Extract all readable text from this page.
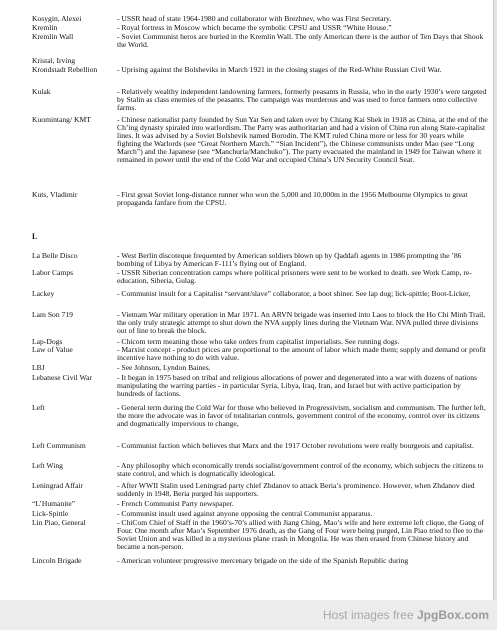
Kosygin, Alexei	- USSR head of state 1964-1980 and collaborator with Brezhnev, who was First Secretary.
Kremlin	- Royal fortress in Moscow which became the symbolic CPSU and USSR “White House.”
Kremlin Wall	- Soviet Communist heros are buried in the Kremlin Wall. The only American there is the author of Ten Days that Shook the World.
Kristal, Irving
Krondstadt Rebellion	- Uprising against the Bolsheviks in March 1921 in the closing stages of the Red-White Russian Civil War.
Kulak	- Relatively wealthy independent landowning farmers, formerly peasants in Russia, who in the early 1930’s were targeted by Stalin as class enemies of the peasants. The campaign was murderous and was used to force farmers onto collective farms.
Kuomintang/ KMT	- Chinese nationalist party founded by Sun Yat Sen and taken over by Chiang Kai Shek in 1918 as China, at the end of the Ch’ing dynasty spiraled into warlordism. The Party was authoritarian and had a vision of China run along State-capitalist lines. It was advised by a Soviet Bolshevik named Borodin. The KMT ruled China more or less for 30 years while fighting the Warlords (see “Great Northern March.” “Sian Incident”), the Chinese communists under Mao (see “Long March”) and the Japanese (see “Manchuria/Manchuko”). The party evacuated the mainland in 1949 for Taiwan where it remained in power until the end of the Cold War and occupied China’s UN Security Council Seat.
Kuts, Vladimir	- First great Soviet long-distance runner who won the 5,000 and 10,000m in the 1956 Melbourne Olympics to great propaganda fanfare from the CPSU.
L
La Belle Disco	- West Berlin discoteque frequented by American soldiers blown up by Qaddafi agents in 1986 prompting the ’86 bombing of Libya by American F-111’s flying out of England.
Labor Camps	- USSR Siberian concentration camps where political prisoners were sent to be worked to death. see Work Camp, re-education, Siberia, Gulag.
Lackey	- Communist insult for a Capitalist “servant/slave” collaborator, a boot shiner. See lap dog; lick-spittle; Boot-Licker,
Lam Son 719	- Vietnam War military operation in Mar 1971. An ARVN brigade was inserted into Laos to block the Ho Chi Minh Trail, the only truly strategic attempt to shut down the NVA supply lines during the Vietnam War. NVA pulled three divisions out of line to break the block.
Lap-Dogs	- Chicom term meaning those who take orders from capitalist imperialists. See running dogs.
Law of Value	- Marxist concept - product prices are proportional to the amount of labor which made them; supply and demand or profit incentive have nothing to do with value.
LBJ	- See Johnson, Lyndon Baines.
Lebanese Civil War	- It began in 1975 based on tribal and religious allocations of power and degenerated into a war with dozens of nations manipulating the warring parties - in particular Syria, Libya, Iraq, Iran, and Israel but with active participation by hundreds of factions.
Left	- General term during the Cold War for those who believed in Progressivism, socialism and communism. The further left, the more the advocate was in favor of totalitarian controls, government control of the economy, control over its citizens and dogmatically impervious to change,
Left Communism	- Communist faction which believes that Marx and the 1917 October revolutions were really bourgeois and capitalist.
Left Wing	- Any philosophy which economically trends socialist/government control of the economy, which subjects the citizens to state control, and which is dogmatically ideological.
Leningrad Affair	- After WWII Stalin used Leningrad party chief Zhdanov to attack Beria’s prominence. However, when Zhdanov died suddenly in 1948, Beria purged his supporters.
“L’Humanite”	- French Communist Party newspaper.
Lick-Spittle	- Communist insult used against anyone opposing the central Communist apparatus.
Lin Piao, General	- ChiCom Chief of Staff in the 1960’s-70’s allied with Jiang Ching, Mao’s wife and here extreme left clique, the Gang of Four. One month after Mao’s September 1976 death, as the Gang of Four were being purged, Lin Piao tried to flee to the Soviet Union and was killed in a mysterious plane crash in Mongolia. He was then erased from Chinese history and became a non-person.
Lincoln Brigade	- American volunteer progressive mercenary brigade on the side of the Spanish Republic during
Host images free JpgBox.com
